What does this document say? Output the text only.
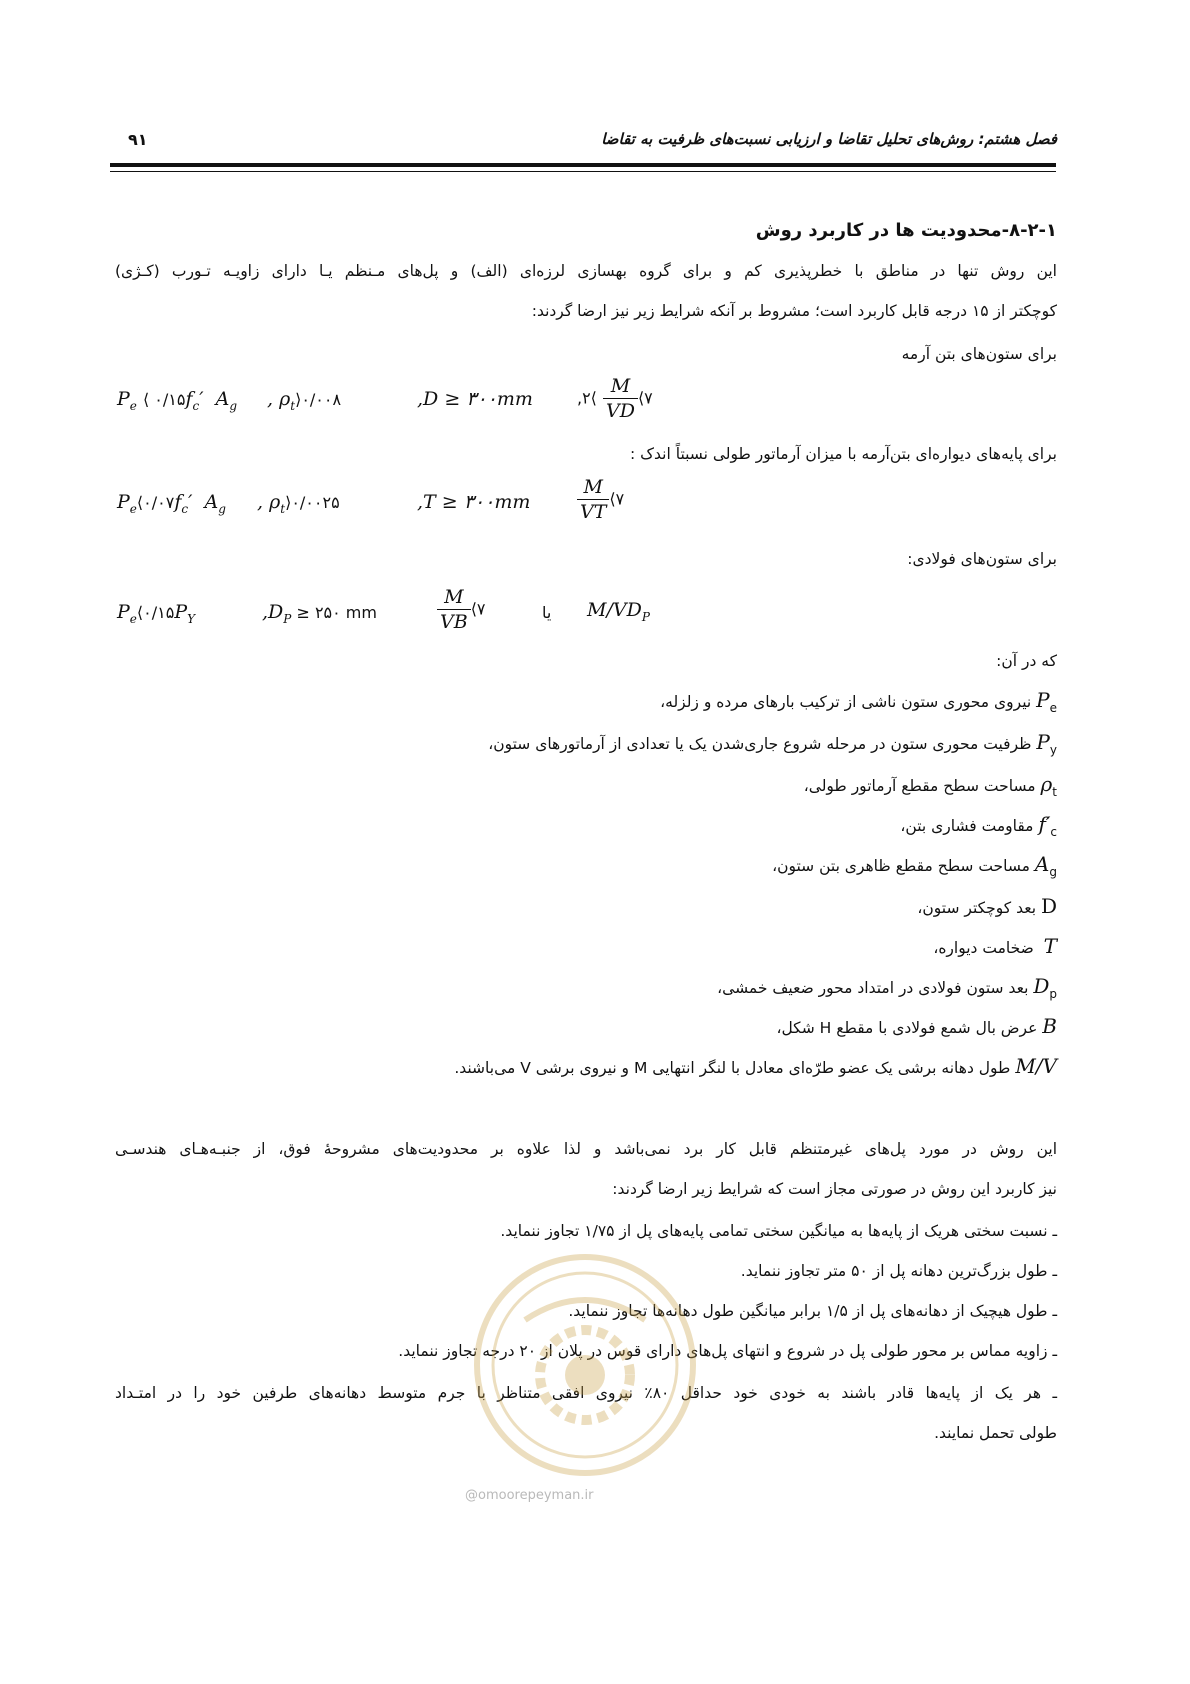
فصل هشتم: روش‌های تحلیل تقاضا و ارزیابی نسبت‌های ظرفیت به تقاضا
۹۱
۸-۲-۱-محدودیت ها در کاربرد روش
این روش تنها در مناطق با خطرپذیری کم و برای گروه بهسازی لرزه‌ای (الف) و پل‌های مـنظم یـا دارای زاویـه تـورب (کـژی)
کوچکتر از ۱۵ درجه قابل کاربرد است؛ مشروط بر آنکه شرایط زیر نیز ارضا گردند:
برای ستون‌های بتن آرمه
$P_e$ ⟨ $۰/۱۵f_c'$  $A_g$ , $\rho_t⟩۰/۰۰۸$	,D ≥ ۳۰۰mm	,۲⟨ $\frac{M}{VD}$ ⟨۷
برای پایه‌های دیواره‌ای بتن‌آرمه با میزان آرماتور طولی نسبتاً اندک :
$P_e⟨۰/۰۷f_c'$  $A_g$ , $\rho_t⟩۰/۰۰۲۵$	,T ≥ ۳۰۰mm $\frac{M}{VT}$ ⟨۷
برای ستون‌های فولادی:
$P_e⟨۰/۱۵P_Y$	$,D_P$ ≥ ۲۵۰ mm	$\frac{M}{VB}$ ⟨۷	یا $M/VD_P$
که در آن:
$P_e$ نیروی محوری ستون ناشی از ترکیب بارهای مرده و زلزله،
$P_y$ ظرفیت محوری ستون در مرحله شروع جاری‌شدن یک یا تعدادی از آرماتورهای ستون،
$\rho_t$ مساحت سطح مقطع آرماتور طولی،
$f'_c$ مقاومت فشاری بتن،
$A_g$ مساحت سطح مقطع ظاهری بتن ستون،
D بعد کوچکتر ستون،
T  ضخامت دیواره،
$D_p$ بعد ستون فولادی در امتداد محور ضعیف خمشی،
B عرض بال شمع فولادی با مقطع H شکل،
M/V طول دهانه برشی یک عضو طرّه‌ای معادل با لنگر انتهایی M و نیروی برشی V می‌باشند.
این روش در مورد پل‌های غیرمتنظم قابل کار برد نمی‌باشد و لذا علاوه بر محدودیت‌های مشروحهٔ فوق، از جنبـه‌هـای هندسـی
نیز کاربرد این روش در صورتی مجاز است که شرایط زیر ارضا گردند:
ـ نسبت سختی هریک از پایه‌ها به میانگین سختی تمامی پایه‌های پل از ۱/۷۵ تجاوز ننماید.
ـ طول بزرگ‌ترین دهانه پل از ۵۰ متر تجاوز ننماید.
ـ طول هیچیک از دهانه‌های پل از ۱/۵ برابر میانگین طول دهانه‌ها تجاوز ننماید.
ـ زاویه مماس بر محور طولی پل در شروع و انتهای پل‌های دارای قوس در پلان از ۲۰ درجه تجاوز ننماید.
ـ هر یک از پایه‌ها قادر باشند به خودی خود حداقل ۸۰٪ نیروی افقی متناظر با جرم متوسط دهانه‌های طرفین خود را در امتـداد
طولی تحمل نمایند.
@omoorepeyman.ir
